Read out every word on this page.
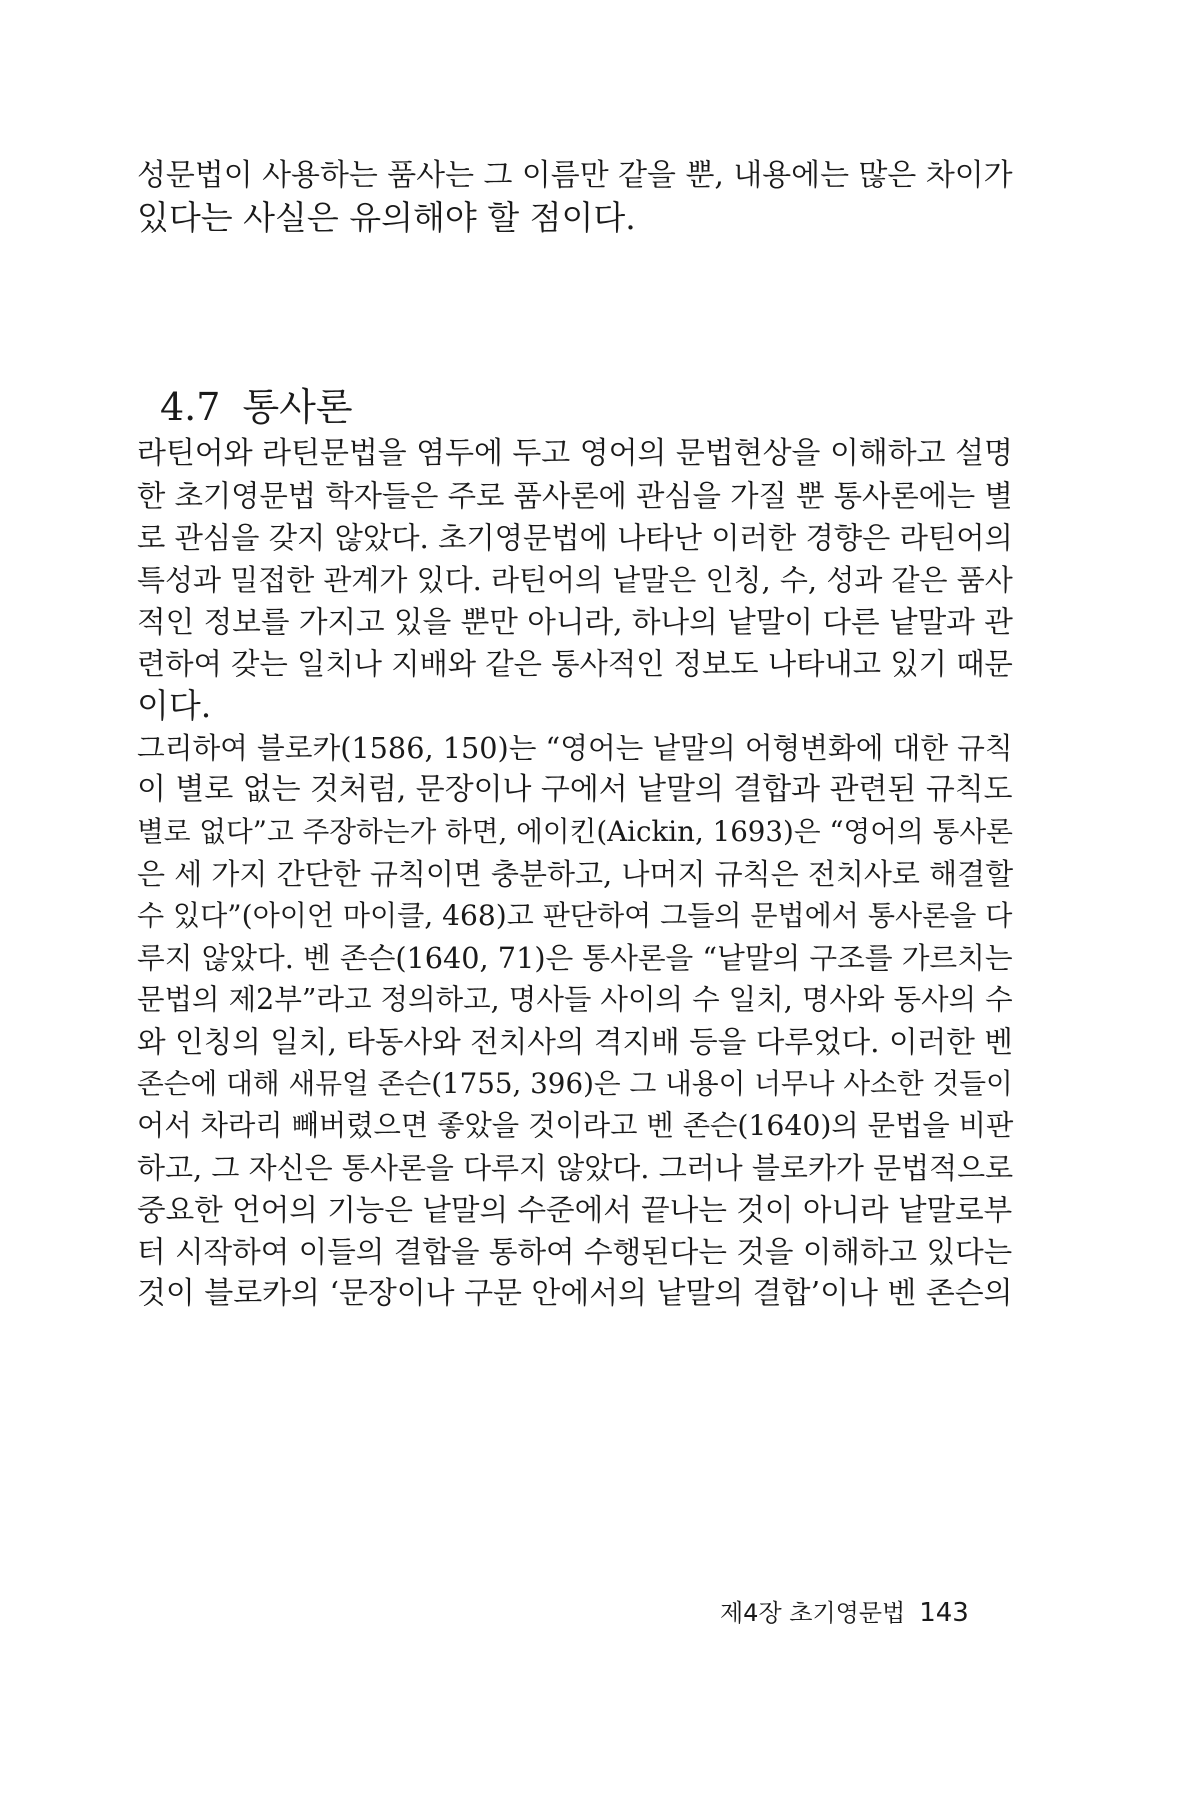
성문법이 사용하는 품사는 그 이름만 같을 뿐, 내용에는 많은 차이가
있다는 사실은 유의해야 할 점이다.
4.7 통사론
라틴어와 라틴문법을 염두에 두고 영어의 문법현상을 이해하고 설명
한 초기영문법 학자들은 주로 품사론에 관심을 가질 뿐 통사론에는 별
로 관심을 갖지 않았다. 초기영문법에 나타난 이러한 경향은 라틴어의
특성과 밀접한 관계가 있다. 라틴어의 낱말은 인칭, 수, 성과 같은 품사
적인 정보를 가지고 있을 뿐만 아니라, 하나의 낱말이 다른 낱말과 관
련하여 갖는 일치나 지배와 같은 통사적인 정보도 나타내고 있기 때문
이다.
그리하여 블로카(1586, 150)는 “영어는 낱말의 어형변화에 대한 규칙
이 별로 없는 것처럼, 문장이나 구에서 낱말의 결합과 관련된 규칙도
별로 없다”고 주장하는가 하면, 에이킨(Aickin, 1693)은 “영어의 통사론
은 세 가지 간단한 규칙이면 충분하고, 나머지 규칙은 전치사로 해결할
수 있다”(아이언 마이클, 468)고 판단하여 그들의 문법에서 통사론을 다
루지 않았다. 벤 존슨(1640, 71)은 통사론을 “낱말의 구조를 가르치는
문법의 제2부”라고 정의하고, 명사들 사이의 수 일치, 명사와 동사의 수
와 인칭의 일치, 타동사와 전치사의 격지배 등을 다루었다. 이러한 벤
존슨에 대해 새뮤얼 존슨(1755, 396)은 그 내용이 너무나 사소한 것들이
어서 차라리 빼버렸으면 좋았을 것이라고 벤 존슨(1640)의 문법을 비판
하고, 그 자신은 통사론을 다루지 않았다. 그러나 블로카가 문법적으로
중요한 언어의 기능은 낱말의 수준에서 끝나는 것이 아니라 낱말로부
터 시작하여 이들의 결합을 통하여 수행된다는 것을 이해하고 있다는
것이 블로카의 ‘문장이나 구문 안에서의 낱말의 결합’이나 벤 존슨의
제4장 초기영문법 143
